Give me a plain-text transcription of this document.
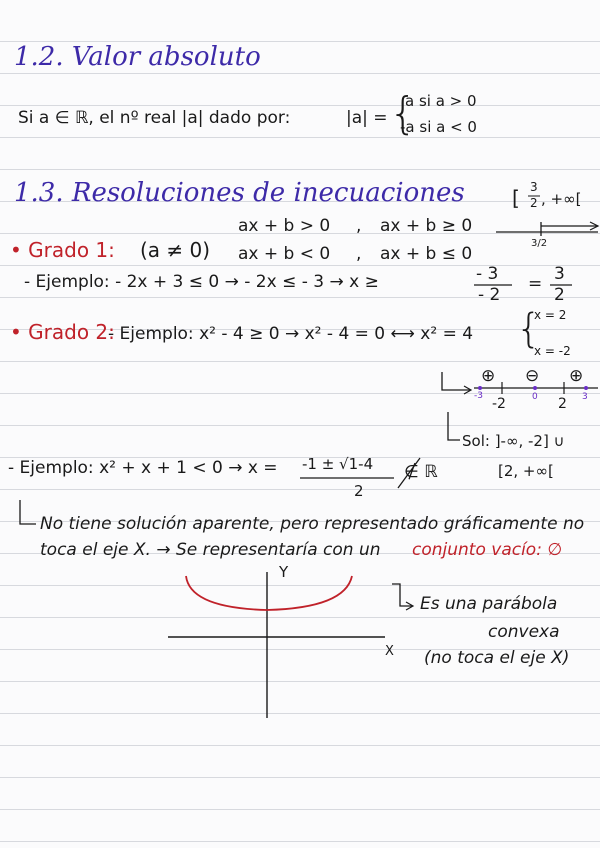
1.2. Valor absoluto
Si a ∈ ℝ, el nº real |a| dado por:	|a| = {
a si a > 0
-a si a < 0
1.3. Resoluciones de inecuaciones [ 3
2 , +∞[
ax + b > 0 , ax + b ≥ 0
• Grado 1: (a ≠ 0) ax + b < 0 , ax + b ≤ 0
3/2
- Ejemplo: - 2x + 3 ≤ 0 → - 2x ≤ - 3 → x ≥	- 3
- 2
= 3
2
• Grado 2:
- Ejemplo: x² - 4 ≥ 0 → x² - 4 = 0 ⟷ x² = 4 {
x = 2
x = -2
⊕ ⊖ ⊕
-3 -2	0 2 3
Sol: ]-∞, -2] ∪
[2, +∞[
- Ejemplo: x² + x + 1 < 0 → x = -1 ± √1-4
2
∉ ℝ
No tiene solución aparente, pero representado gráficamente no
toca el eje X. → Se representaría con un conjunto vacío: ∅
Y
X
Es una parábola
convexa
(no toca el eje X)
